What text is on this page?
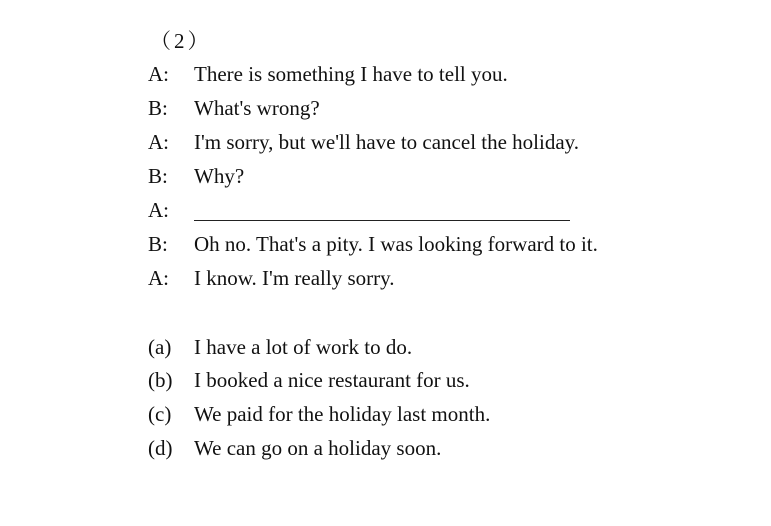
（2）
A: There is something I have to tell you.
B: What's wrong?
A: I'm sorry, but we'll have to cancel the holiday.
B: Why?
A:
B: Oh no. That's a pity. I was looking forward to it.
A: I know. I'm really sorry.
(a) I have a lot of work to do.
(b) I booked a nice restaurant for us.
(c) We paid for the holiday last month.
(d) We can go on a holiday soon.
